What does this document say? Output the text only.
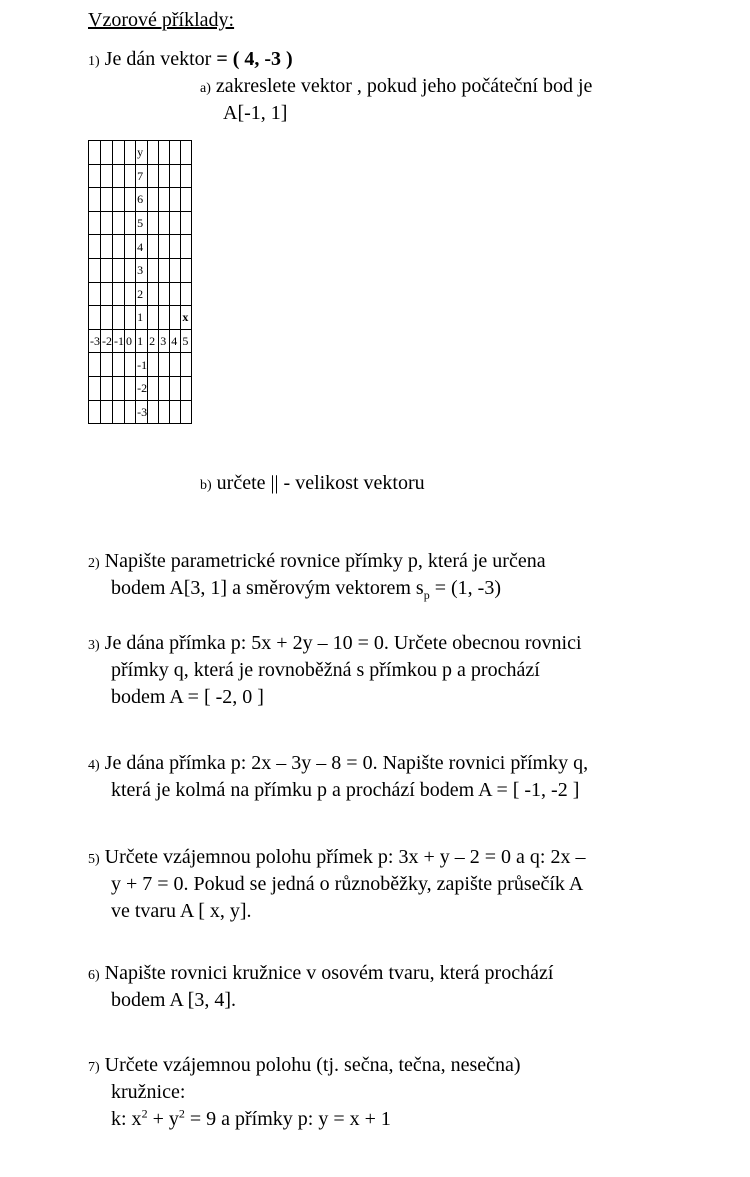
Vzorové příklady:
1) Je dán vektor = ( 4, -3 )
a) zakreslete vektor , pokud jeho počáteční bod je
A[-1, 1]
				y				
				7				
				6				
				5				
				4				
				3				
				2				
				1				x
-3	-2	-1	0	1	2	3	4	5
				-1				
				-2				
				-3				
b) určete || - velikost vektoru
2) Napište parametrické rovnice přímky p, která je určena
bodem A[3, 1] a směrovým vektorem $s_p = (1$, -3)
3) Je dána přímka p: 5x + 2y – 10 = 0. Určete obecnou rovnici
přímky q, která je rovnoběžná s přímkou p a prochází
bodem A = [ -2, 0 ]
4) Je dána přímka p: 2x – 3y – 8 = 0. Napište rovnici přímky q,
která je kolmá na přímku p a prochází bodem A = [ -1, -2 ]
5) Určete vzájemnou polohu přímek p: 3x + y – 2 = 0 a q: 2x –
y + 7 = 0. Pokud se jedná o různoběžky, zapište průsečík A
ve tvaru A [ x, y].
6) Napište rovnici kružnice v osovém tvaru, která prochází
bodem A [3, 4].
7) Určete vzájemnou polohu (tj. sečna, tečna, nesečna)
kružnice:
k: $x^2 + y^2 = 9$ a přímky p: y = x + 1
